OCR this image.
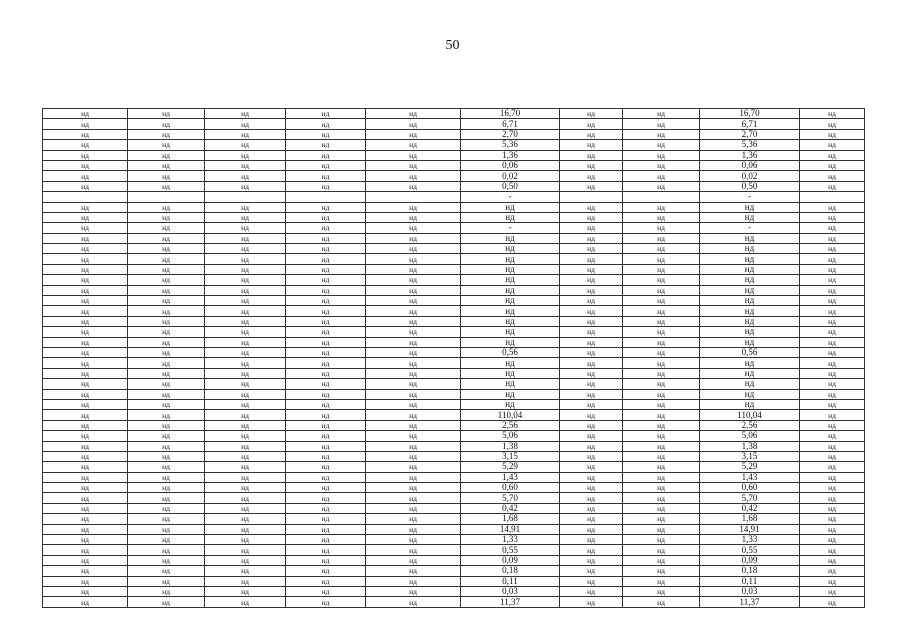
50
нд	нд	нд	нд	нд	16,70	нд	нд	16,70	нд
нд	нд	нд	нд	нд	6,71	нд	нд	6,71	нд
нд	нд	нд	нд	нд	2,70	нд	нд	2,70	нд
нд	нд	нд	нд	нд	5,36	нд	нд	5,36	нд
нд	нд	нд	нд	нд	1,36	нд	нд	1,36	нд
нд	нд	нд	нд	нд	0,06	нд	нд	0,06	нд
нд	нд	нд	нд	нд	0,02	нд	нд	0,02	нд
нд	нд	нд	нд	нд	0,50	нд	нд	0,50	нд
					-			-	
нд	нд	нд	нд	нд	нд	нд	нд	нд	нд
нд	нд	нд	нд	нд	нд	нд	нд	нд	нд
нд	нд	нд	нд	нд	-	нд	нд	-	нд
нд	нд	нд	нд	нд	нд	нд	нд	нд	нд
нд	нд	нд	нд	нд	нд	нд	нд	нд	нд
нд	нд	нд	нд	нд	нд	нд	нд	нд	нд
нд	нд	нд	нд	нд	нд	нд	нд	нд	нд
нд	нд	нд	нд	нд	нд	нд	нд	нд	нд
нд	нд	нд	нд	нд	нд	нд	нд	нд	нд
нд	нд	нд	нд	нд	нд	нд	нд	нд	нд
нд	нд	нд	нд	нд	нд	нд	нд	нд	нд
нд	нд	нд	нд	нд	нд	нд	нд	нд	нд
нд	нд	нд	нд	нд	нд	нд	нд	нд	нд
нд	нд	нд	нд	нд	нд	нд	нд	нд	нд
нд	нд	нд	нд	нд	0,56	нд	нд	0,56	нд
нд	нд	нд	нд	нд	нд	нд	нд	нд	нд
нд	нд	нд	нд	нд	нд	нд	нд	нд	нд
нд	нд	нд	нд	нд	нд	нд	нд	нд	нд
нд	нд	нд	нд	нд	нд	нд	нд	нд	нд
нд	нд	нд	нд	нд	нд	нд	нд	нд	нд
нд	нд	нд	нд	нд	110,04	нд	нд	110,04	нд
нд	нд	нд	нд	нд	2,56	нд	нд	2,56	нд
нд	нд	нд	нд	нд	5,06	нд	нд	5,06	нд
нд	нд	нд	нд	нд	1,38	нд	нд	1,38	нд
нд	нд	нд	нд	нд	3,15	нд	нд	3,15	нд
нд	нд	нд	нд	нд	5,29	нд	нд	5,29	нд
нд	нд	нд	нд	нд	1,43	нд	нд	1,43	нд
нд	нд	нд	нд	нд	0,60	нд	нд	0,60	нд
нд	нд	нд	нд	нд	5,70	нд	нд	5,70	нд
нд	нд	нд	нд	нд	0,42	нд	нд	0,42	нд
нд	нд	нд	нд	нд	1,68	нд	нд	1,68	нд
нд	нд	нд	нд	нд	14,91	нд	нд	14,91	нд
нд	нд	нд	нд	нд	1,33	нд	нд	1,33	нд
нд	нд	нд	нд	нд	0,55	нд	нд	0,55	нд
нд	нд	нд	нд	нд	0,09	нд	нд	0,09	нд
нд	нд	нд	нд	нд	0,18	нд	нд	0,18	нд
нд	нд	нд	нд	нд	0,11	нд	нд	0,11	нд
нд	нд	нд	нд	нд	0,03	нд	нд	0,03	нд
нд	нд	нд	нд	нд	11,37	нд	нд	11,37	нд
